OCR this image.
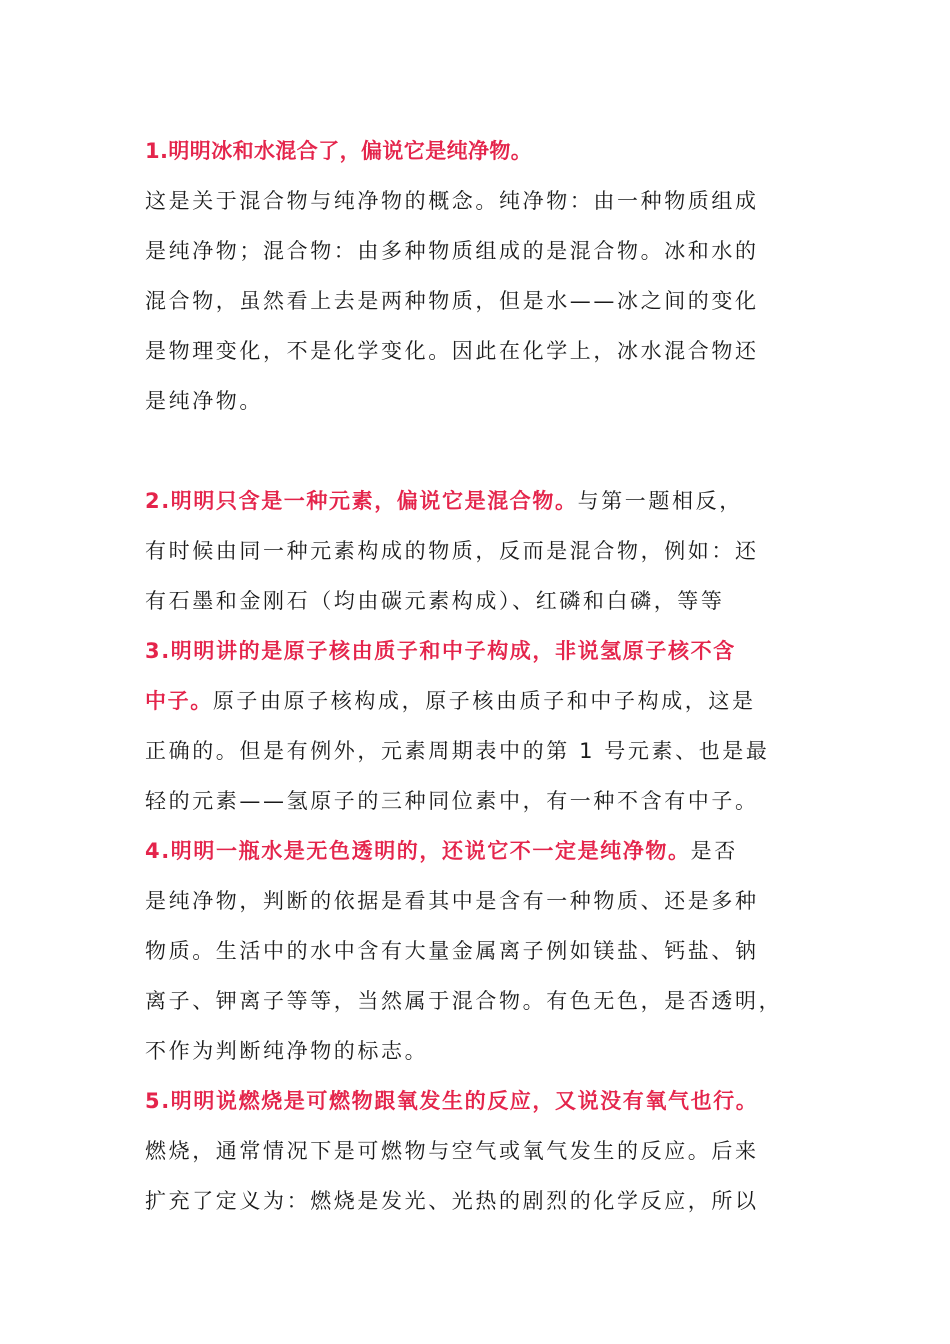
1.明明冰和水混合了，偏说它是纯净物。
这是关于混合物与纯净物的概念。纯净物：由一种物质组成
是纯净物；混合物：由多种物质组成的是混合物。冰和水的
混合物，虽然看上去是两种物质，但是水——冰之间的变化
是物理变化，不是化学变化。因此在化学上，冰水混合物还
是纯净物。
2.明明只含是一种元素，偏说它是混合物。与第一题相反，
有时候由同一种元素构成的物质，反而是混合物，例如：还
有石墨和金刚石（均由碳元素构成）、红磷和白磷，等等
3.明明讲的是原子核由质子和中子构成，非说氢原子核不含
中子。原子由原子核构成，原子核由质子和中子构成，这是
正确的。但是有例外，元素周期表中的第 1 号元素、也是最
轻的元素——氢原子的三种同位素中，有一种不含有中子。
4.明明一瓶水是无色透明的，还说它不一定是纯净物。是否
是纯净物，判断的依据是看其中是含有一种物质、还是多种
物质。生活中的水中含有大量金属离子例如镁盐、钙盐、钠
离子、钾离子等等，当然属于混合物。有色无色，是否透明，
不作为判断纯净物的标志。
5.明明说燃烧是可燃物跟氧发生的反应，又说没有氧气也行。
燃烧，通常情况下是可燃物与空气或氧气发生的反应。后来
扩充了定义为：燃烧是发光、光热的剧烈的化学反应，所以
